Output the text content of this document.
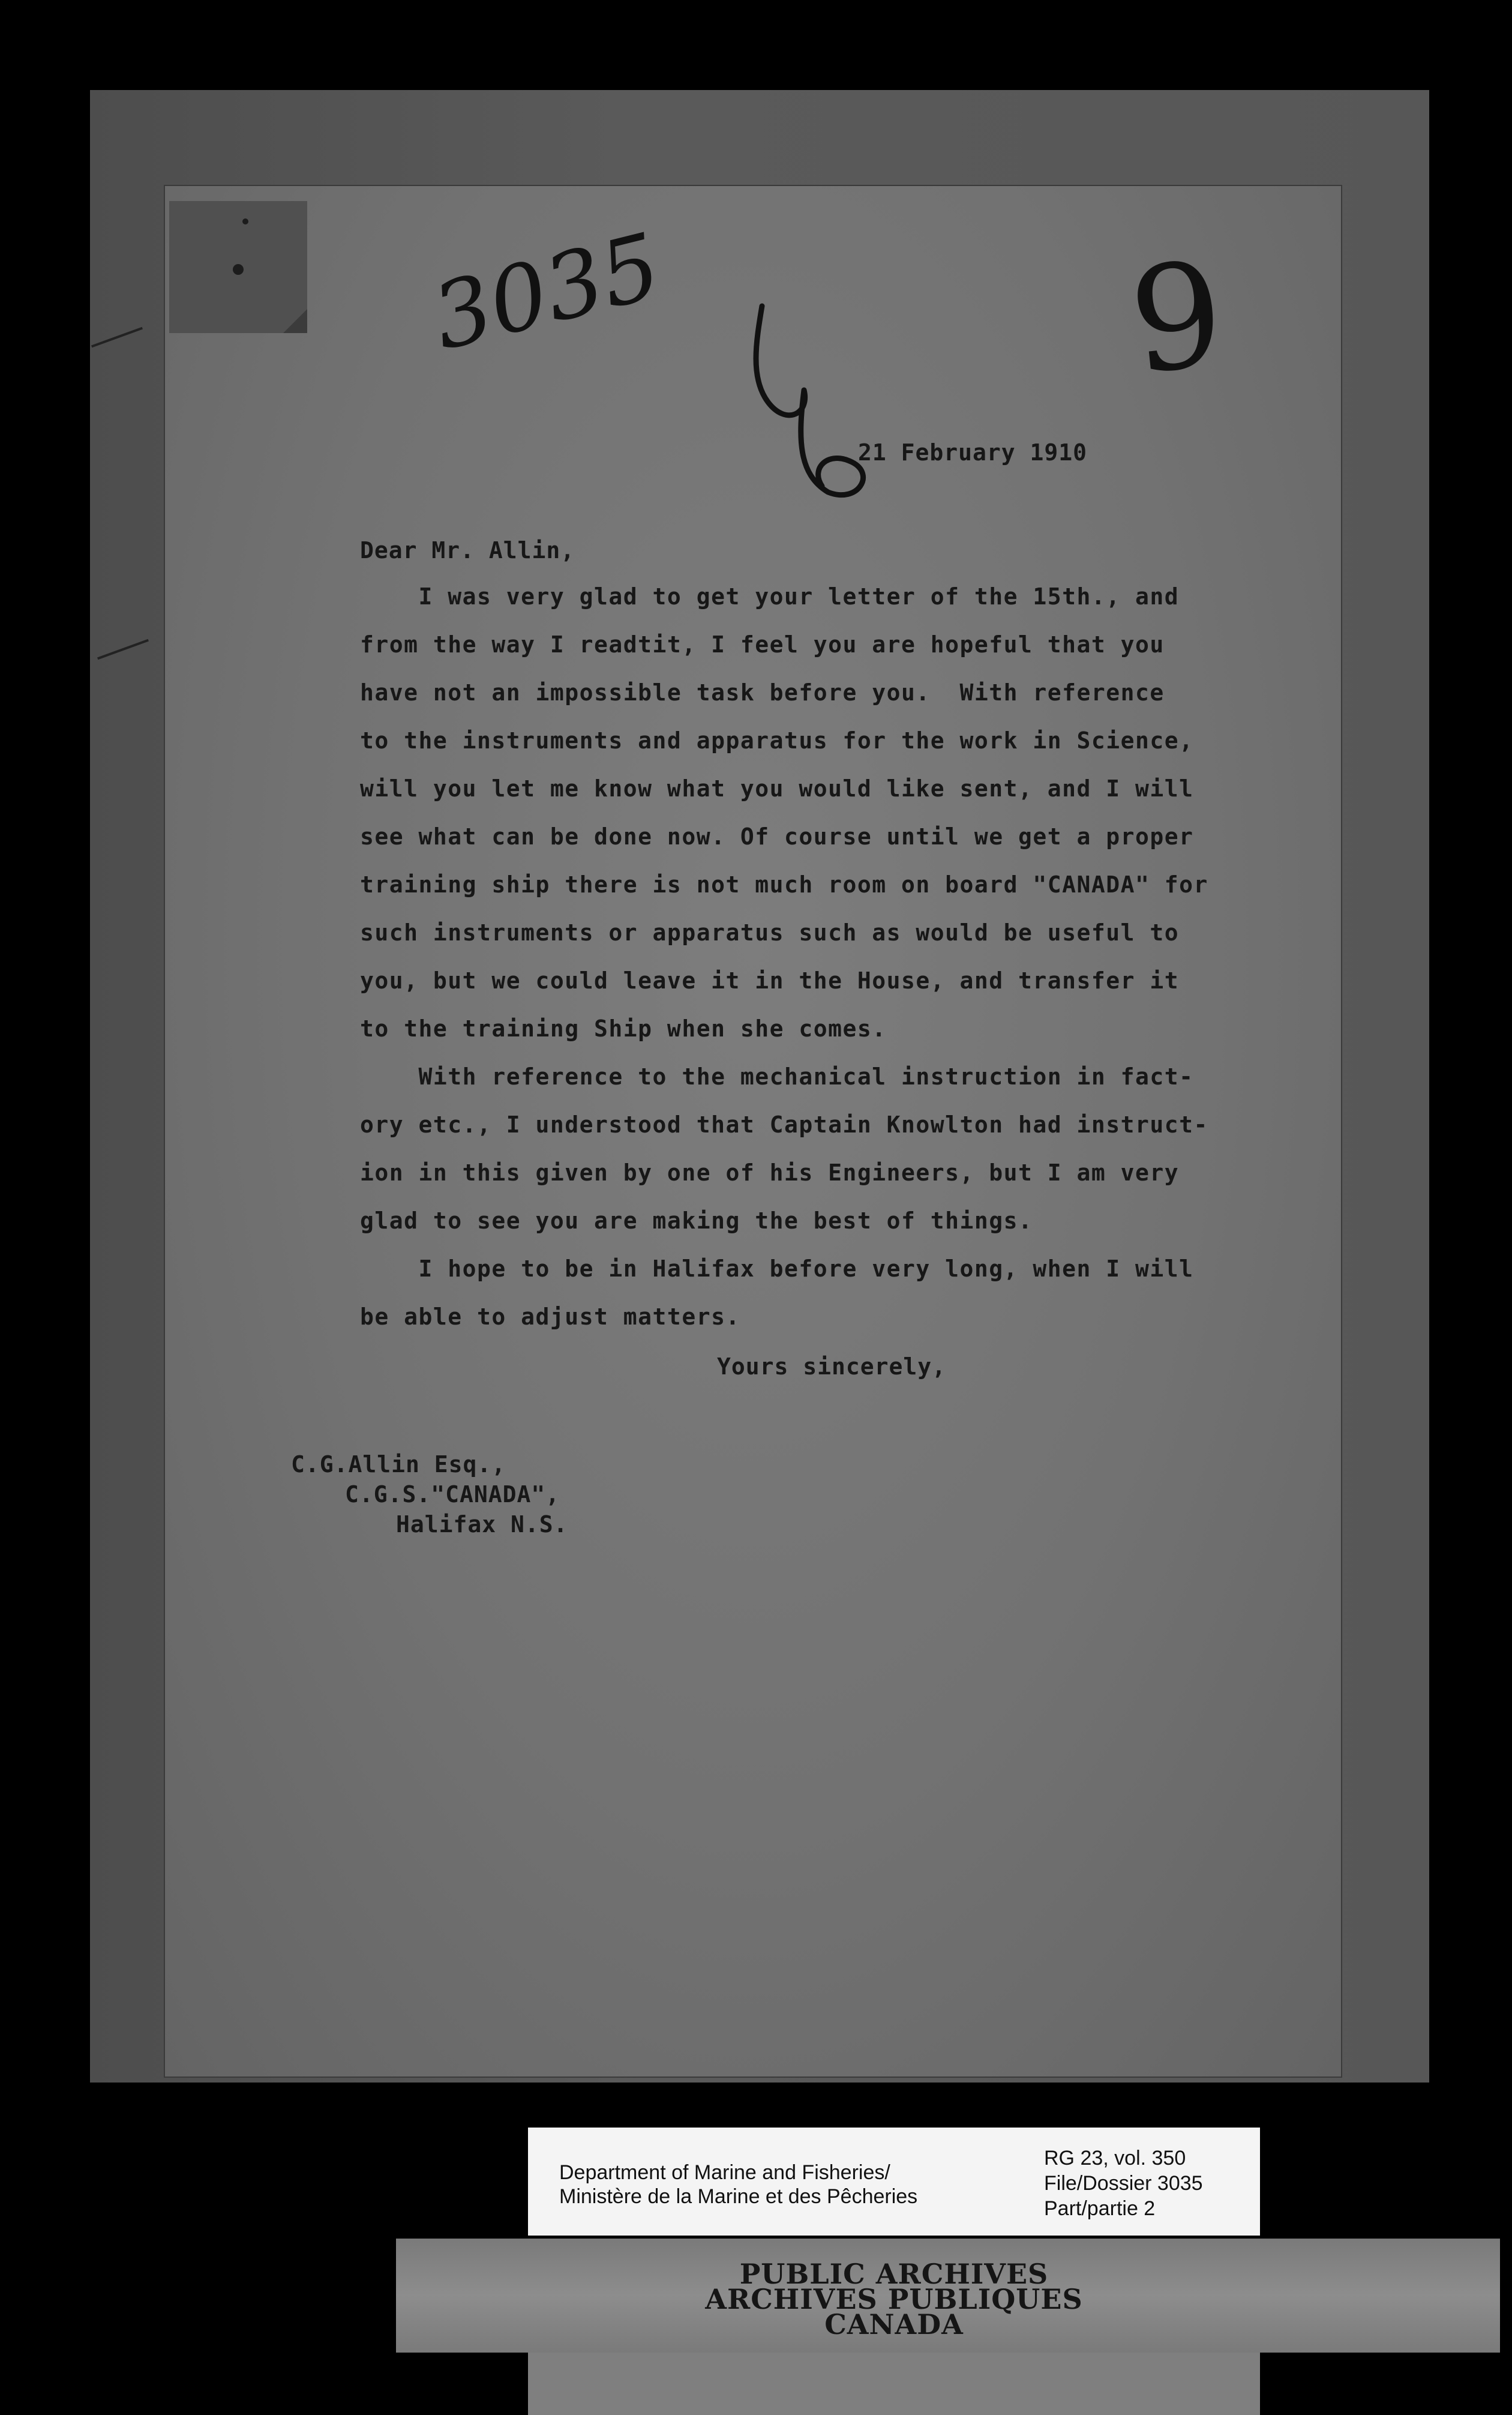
3035	9
21 February 1910
Dear Mr. Allin,
I was very glad to get your letter of the 15th., and
from the way I readtit, I feel you are hopeful that you
have not an impossible task before you.  With reference
to the instruments and apparatus for the work in Science,
will you let me know what you would like sent, and I will
see what can be done now. Of course until we get a proper
training ship there is not much room on board "CANADA" for
such instruments or apparatus such as would be useful to
you, but we could leave it in the House, and transfer it
to the training Ship when she comes.
With reference to the mechanical instruction in fact-
ory etc., I understood that Captain Knowlton had instruct-
ion in this given by one of his Engineers, but I am very
glad to see you are making the best of things.
I hope to be in Halifax before very long, when I will
be able to adjust matters.
Yours sincerely,
C.G.Allin Esq.,
C.G.S."CANADA",
Halifax N.S.
Department of Marine and Fisheries/
Ministère de la Marine et des Pêcheries
RG 23, vol. 350
File/Dossier 3035
Part/partie 2
PUBLIC ARCHIVES
ARCHIVES PUBLIQUES
CANADA
